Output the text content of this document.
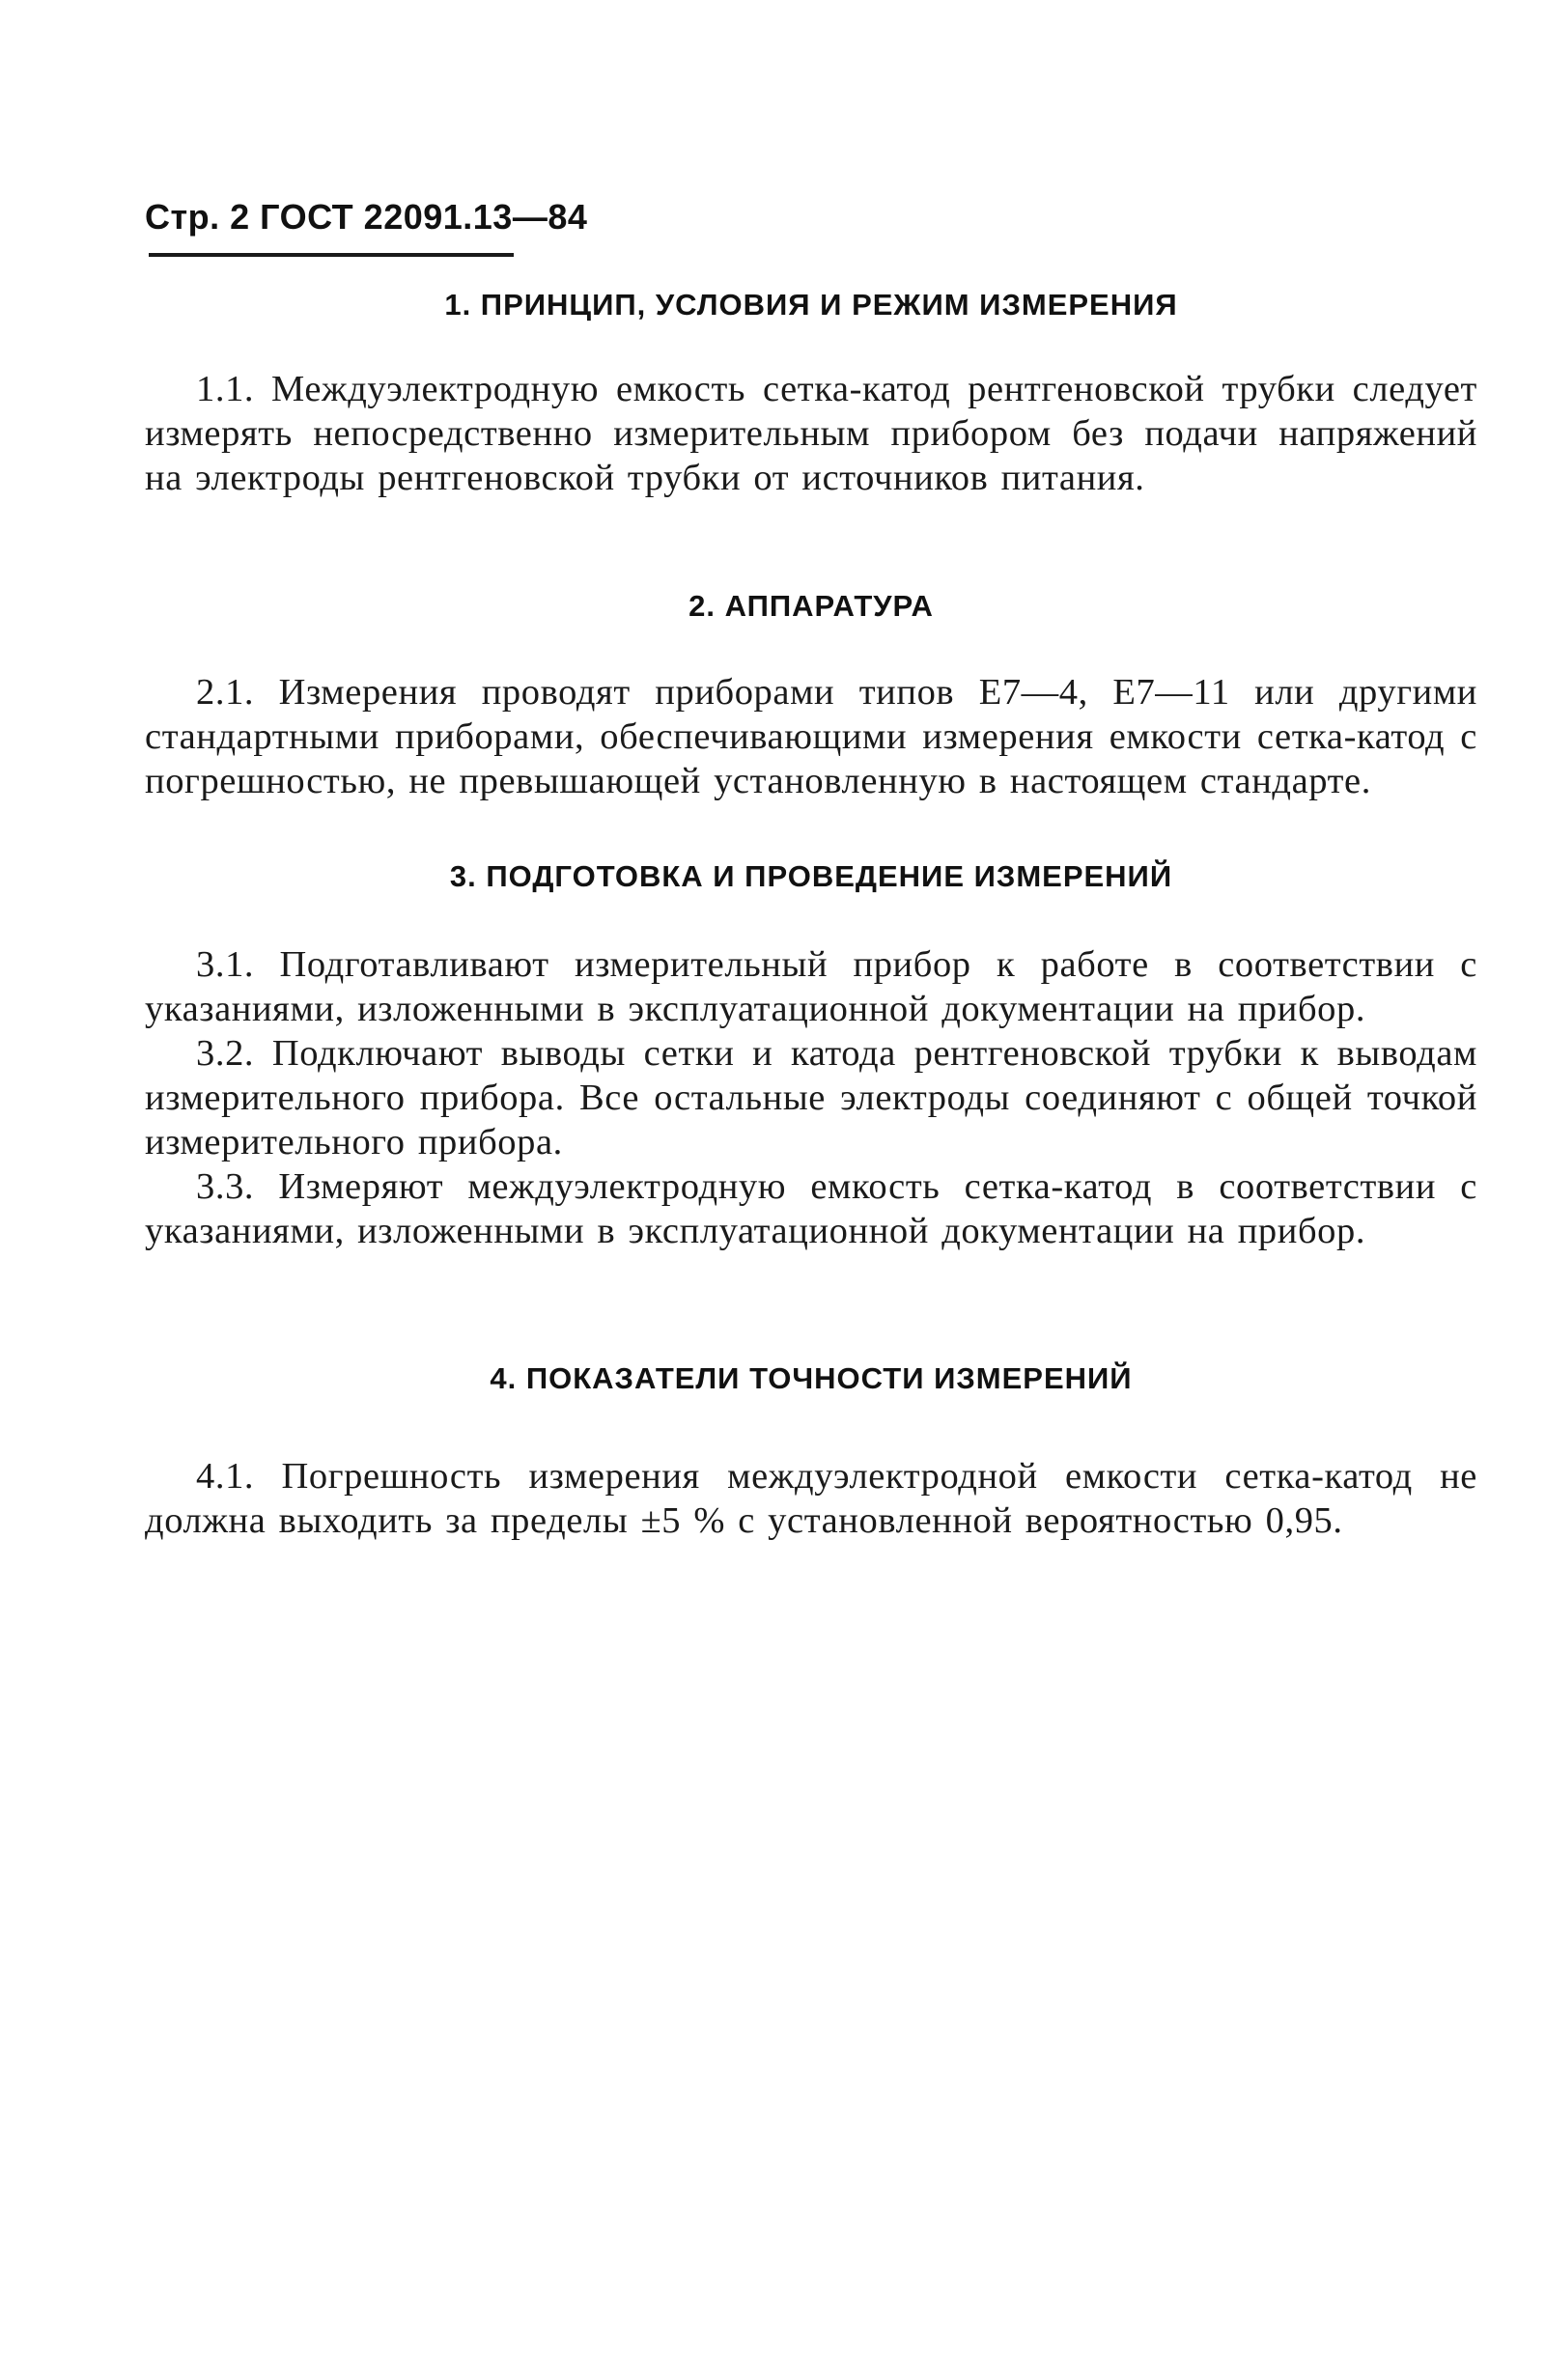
Стр. 2 ГОСТ 22091.13—84
1. ПРИНЦИП, УСЛОВИЯ И РЕЖИМ ИЗМЕРЕНИЯ

1.1. Междуэлектродную емкость сетка-катод рентгеновской трубки следует измерять непосредственно измерительным прибором без подачи напряжений на электроды рентгеновской трубки от источников питания.

2. АППАРАТУРА

2.1. Измерения проводят приборами типов Е7—4, Е7—11 или другими стандартными приборами, обеспечивающими измерения емкости сетка-катод с погрешностью, не превышающей установленную в настоящем стандарте.

3. ПОДГОТОВКА И ПРОВЕДЕНИЕ ИЗМЕРЕНИЙ

3.1. Подготавливают измерительный прибор к работе в соответствии с указаниями, изложенными в эксплуатационной документации на прибор.

3.2. Подключают выводы сетки и катода рентгеновской трубки к выводам измерительного прибора. Все остальные электроды соединяют с общей точкой измерительного прибора.

3.3. Измеряют междуэлектродную емкость сетка-катод в соответствии с указаниями, изложенными в эксплуатационной документации на прибор.

4. ПОКАЗАТЕЛИ ТОЧНОСТИ ИЗМЕРЕНИЙ

4.1. Погрешность измерения междуэлектродной емкости сетка-катод не должна выходить за пределы ±5 % с установленной вероятностью 0,95.
